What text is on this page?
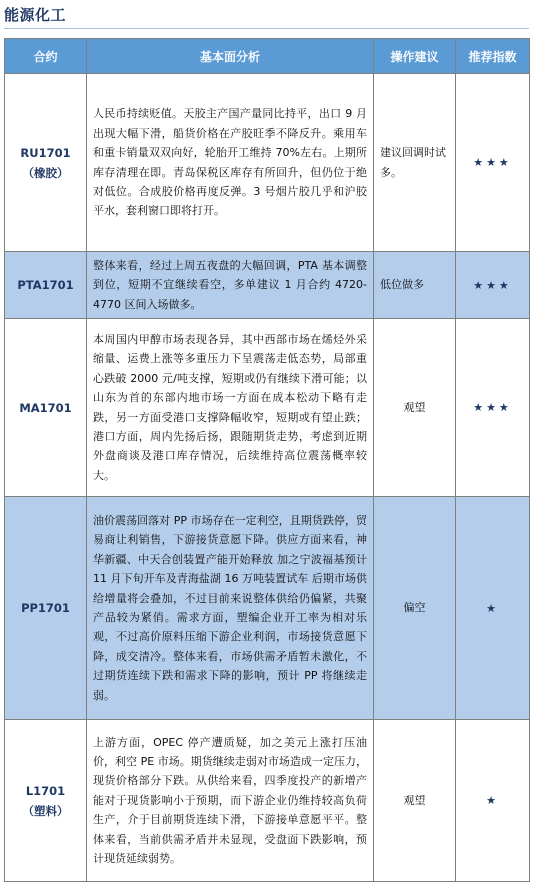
能源化工
合约	基本面分析	操作建议	推荐指数

RU1701
（橡胶）	人民币持续贬值。天胶主产国产量同比持平，出口 9 月出现大幅下滑，船货价格在产胶旺季不降反升。乘用车和重卡销量双双向好，轮胎开工维持 70%左右。上期所库存清理在即。青岛保税区库存有所回升，但仍位于绝对低位。合成胶价格再度反弹。3 号烟片胶几乎和沪胶平水，套利窗口即将打开。	建议回调时试多。	★★★

PTA1701	整体来看，经过上周五夜盘的大幅回调，PTA 基本调整到位，短期不宜继续看空，多单建议 1 月合约 4720-4770 区间入场做多。	低位做多	★★★

MA1701	本周国内甲醇市场表现各异，其中西部市场在烯烃外采缩量、运费上涨等多重压力下呈震荡走低态势，局部重心跌破 2000 元/吨支撑，短期或仍有继续下滑可能；以山东为首的东部内地市场一方面在成本松动下略有走跌，另一方面受港口支撑降幅收窄，短期或有望止跌；港口方面，周内先扬后扬，跟随期货走势，考虑到近期外盘商谈及港口库存情况，后续维持高位震荡概率较大。	观望	★★★

PP1701	油价震荡回落对 PP 市场存在一定利空，且期货跌停，贸易商让利销售，下游接货意愿下降。供应方面来看，神华新疆、中天合创装置产能开始释放 加之宁波福基预计 11 月下旬开车及青海盐湖 16 万吨装置试车 后期市场供给增量将会叠加，不过目前来说整体供给仍偏紧，共聚产品较为紧俏。需求方面，塑编企业开工率为相对乐观，不过高价原料压缩下游企业利润，市场接货意愿下降，成交清冷。整体来看，市场供需矛盾暂未激化，不过期货连续下跌和需求下降的影响，预计 PP 将继续走弱。	偏空	★

L1701
（塑料）	上游方面，OPEC 停产遭质疑，加之美元上涨打压油价，利空 PE 市场。期货继续走弱对市场造成一定压力，现货价格部分下跌。从供给来看，四季度投产的新增产能对于现货影响小于预期，而下游企业仍维持较高负荷生产，介于目前期货连续下滑，下游接单意愿平平。整体来看，当前供需矛盾并未显现，受盘面下跌影响，预计现货延续弱势。	观望	★
